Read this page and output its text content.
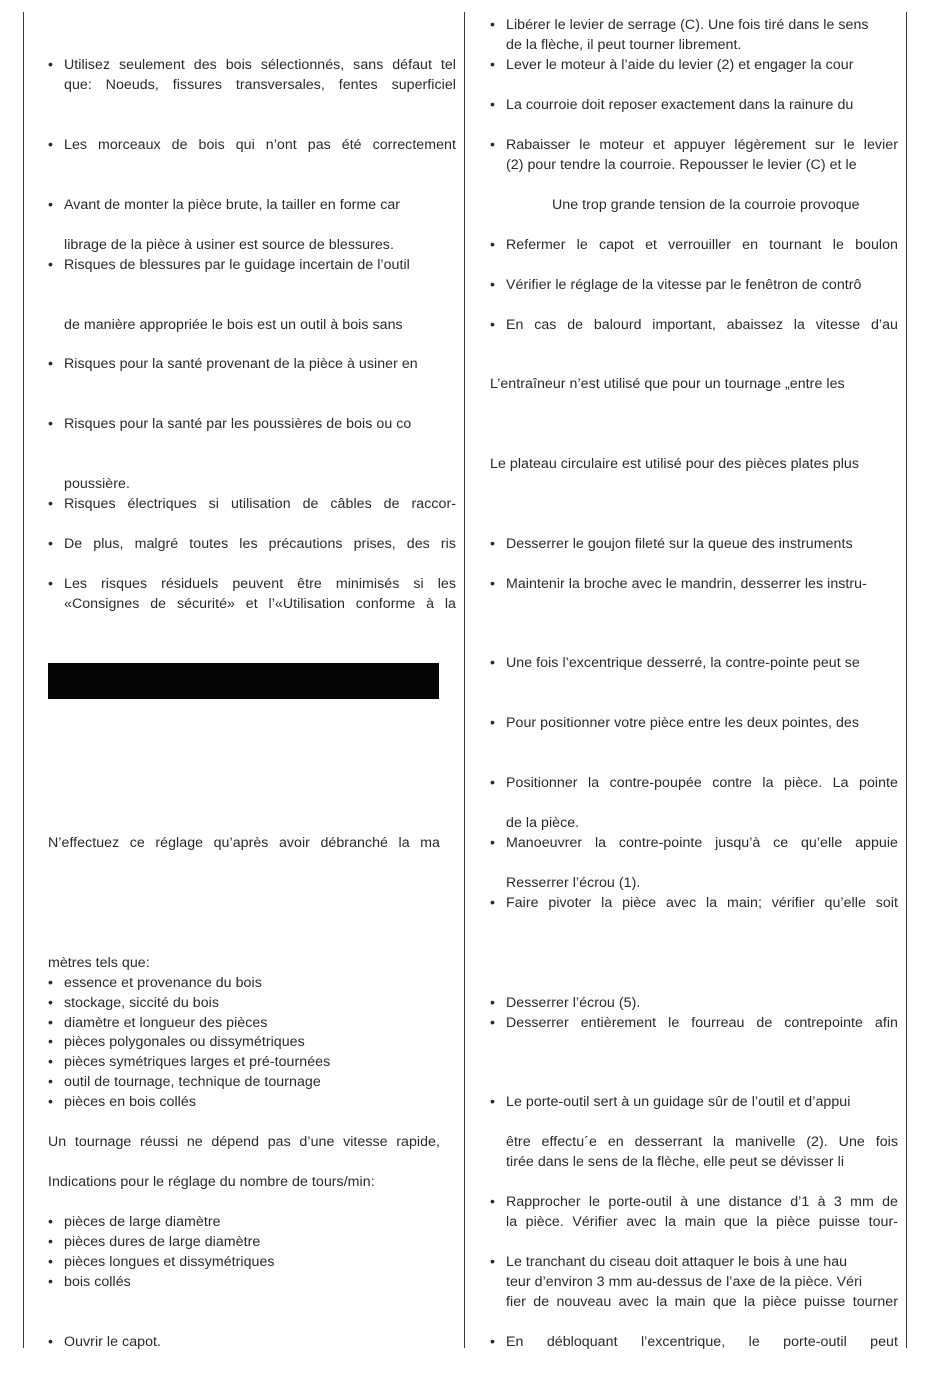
• Utilisez seulement des bois sélectionnés, sans défaut tel
que: Noeuds, fissures transversales, fentes superficiel
• Les morceaux de bois qui n’ont pas été correctement
• Avant de monter la pièce brute, la tailler en forme car
librage de la pièce à usiner est source de blessures.
• Risques de blessures par le guidage incertain de l’outil
de manière appropriée le bois est un outil à bois sans
• Risques pour la santé provenant de la pièce à usiner en
• Risques pour la santé par les poussières de bois ou co
poussière.
• Risques électriques si utilisation de câbles de raccor-
• De plus, malgré toutes les précautions prises, des ris
• Les risques résiduels peuvent être minimisés si les
«Consignes de sécurité» et l’«Utilisation conforme à la
N’effectuez ce réglage qu’après avoir débranché la ma
mètres tels que:
• essence et provenance du bois
• stockage, siccité du bois
• diamètre et longueur des pièces
• pièces polygonales ou dissymétriques
• pièces symétriques larges et pré-tournées
• outil de tournage, technique de tournage
• pièces en bois collés
Un tournage réussi ne dépend pas d’une vitesse rapide,
Indications pour le réglage du nombre de tours/min:
• pièces de large diamètre
• pièces dures de large diamètre
• pièces longues et dissymétriques
• bois collés
• Ouvrir le capot.
• Libérer le levier de serrage (C). Une fois tiré dans le sens
de la flèche, il peut tourner librement.
• Lever le moteur à l’aide du levier (2) et engager la cour
• La courroie doit reposer exactement dans la rainure du
• Rabaisser le moteur et appuyer légèrement sur le levier
(2) pour tendre la courroie. Repousser le levier (C) et le
Une trop grande tension de la courroie provoque
• Refermer le capot et verrouiller en tournant le boulon
• Vérifier le réglage de la vitesse par le fenêtron de contrô
• En cas de balourd important, abaissez la vitesse d’au
L’entraîneur n’est utilisé que pour un tournage „entre les
Le plateau circulaire est utilisé pour des pièces plates plus
• Desserrer le goujon fileté sur la queue des instruments
• Maintenir la broche avec le mandrin, desserrer les instru-
• Une fois l’excentrique desserré, la contre-pointe peut se
• Pour positionner votre pièce entre les deux pointes, des
• Positionner la contre-poupée contre la pièce. La pointe
de la pièce.
• Manoeuvrer la contre-pointe jusqu’à ce qu’elle appuie
Resserrer l’écrou (1).
• Faire pivoter la pièce avec la main; vérifier qu’elle soit
• Desserrer l’écrou (5).
• Desserrer entièrement le fourreau de contrepointe afin
• Le porte-outil sert à un guidage sûr de l’outil et d’appui
être effectu´e en desserrant la manivelle (2). Une fois
tirée dans le sens de la flèche, elle peut se dévisser li
• Rapprocher le porte-outil à une distance d’1 à 3 mm de
la pièce. Vérifier avec la main que la pièce puisse tour-
• Le tranchant du ciseau doit attaquer le bois à une hau
teur d’environ 3 mm au-dessus de l’axe de la pièce. Véri
fier de nouveau avec la main que la pièce puisse tourner
• En débloquant l’excentrique, le porte-outil peut
